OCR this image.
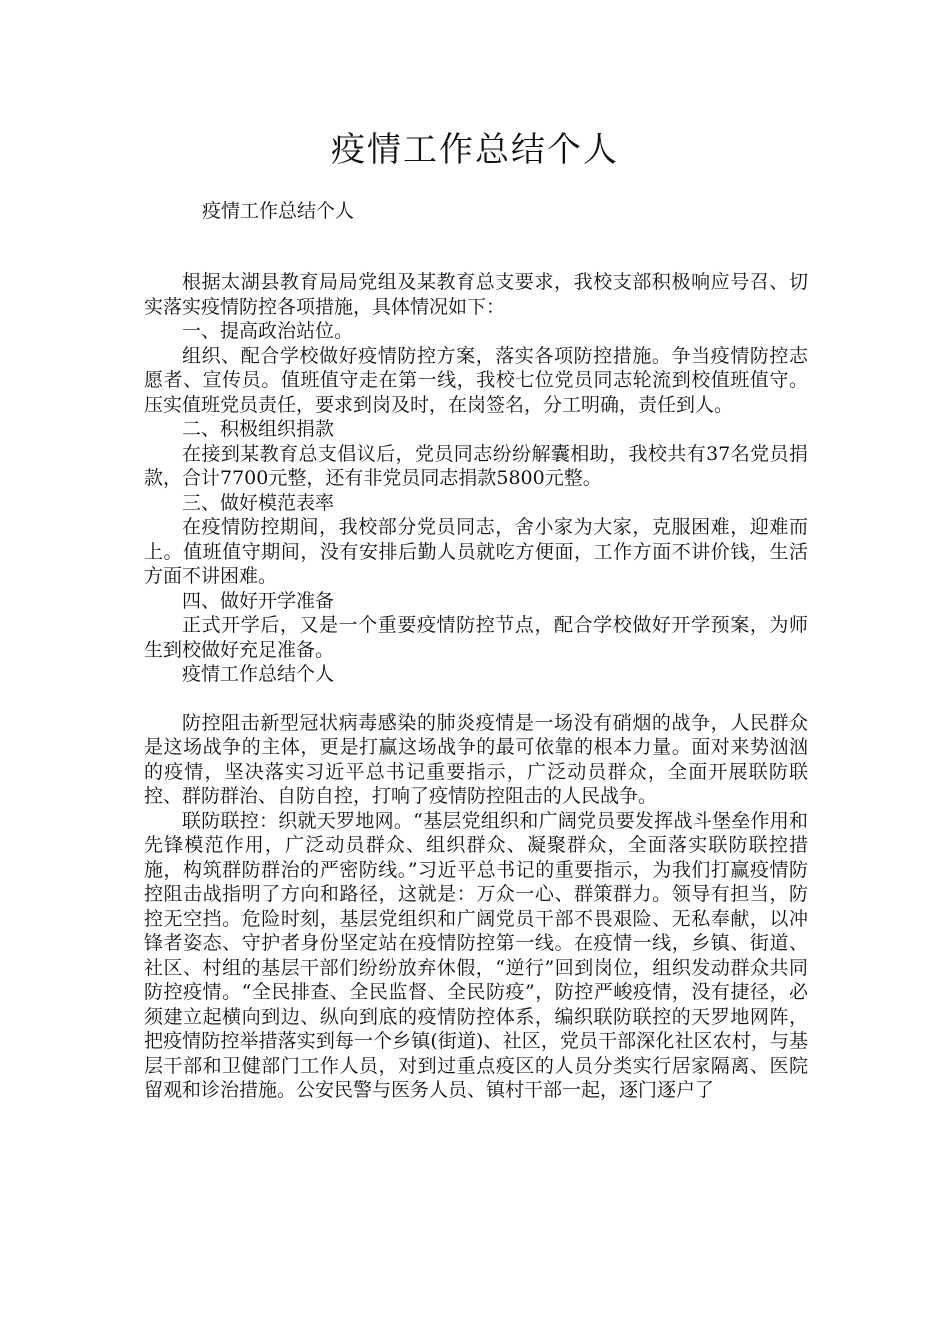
疫情工作总结个人

疫情工作总结个人

根据太湖县教育局局党组及某教育总支要求，我校支部积极响应号召、切实落实疫情防控各项措施，具体情况如下：

一、提高政治站位。

组织、配合学校做好疫情防控方案，落实各项防控措施。争当疫情防控志愿者、宣传员。值班值守走在第一线，我校七位党员同志轮流到校值班值守。压实值班党员责任，要求到岗及时，在岗签名，分工明确，责任到人。

二、积极组织捐款

在接到某教育总支倡议后，党员同志纷纷解囊相助，我校共有37名党员捐款，合计7700元整，还有非党员同志捐款5800元整。

三、做好模范表率

在疫情防控期间，我校部分党员同志，舍小家为大家，克服困难，迎难而上。值班值守期间，没有安排后勤人员就吃方便面，工作方面不讲价钱，生活方面不讲困难。

四、做好开学准备

正式开学后，又是一个重要疫情防控节点，配合学校做好开学预案，为师生到校做好充足准备。

疫情工作总结个人

防控阻击新型冠状病毒感染的肺炎疫情是一场没有硝烟的战争，人民群众是这场战争的主体，更是打赢这场战争的最可依靠的根本力量。面对来势汹汹的疫情，坚决落实习近平总书记重要指示，广泛动员群众，全面开展联防联控、群防群治、自防自控，打响了疫情防控阻击的人民战争。

联防联控：织就天罗地网。“基层党组织和广阔党员要发挥战斗堡垒作用和先锋模范作用，广泛动员群众、组织群众、凝聚群众，全面落实联防联控措施，构筑群防群治的严密防线。”习近平总书记的重要指示，为我们打赢疫情防控阻击战指明了方向和路径，这就是：万众一心、群策群力。领导有担当，防控无空挡。危险时刻，基层党组织和广阔党员干部不畏艰险、无私奉献，以冲锋者姿态、守护者身份坚定站在疫情防控第一线。在疫情一线，乡镇、街道、社区、村组的基层干部们纷纷放弃休假，“逆行”回到岗位，组织发动群众共同防控疫情。“全民排查、全民监督、全民防疫”，防控严峻疫情，没有捷径，必须建立起横向到边、纵向到底的疫情防控体系，编织联防联控的天罗地网阵，把疫情防控举措落实到每一个乡镇(街道)、社区，党员干部深化社区农村，与基层干部和卫健部门工作人员，对到过重点疫区的人员分类实行居家隔离、医院留观和诊治措施。公安民警与医务人员、镇村干部一起，逐门逐户了
